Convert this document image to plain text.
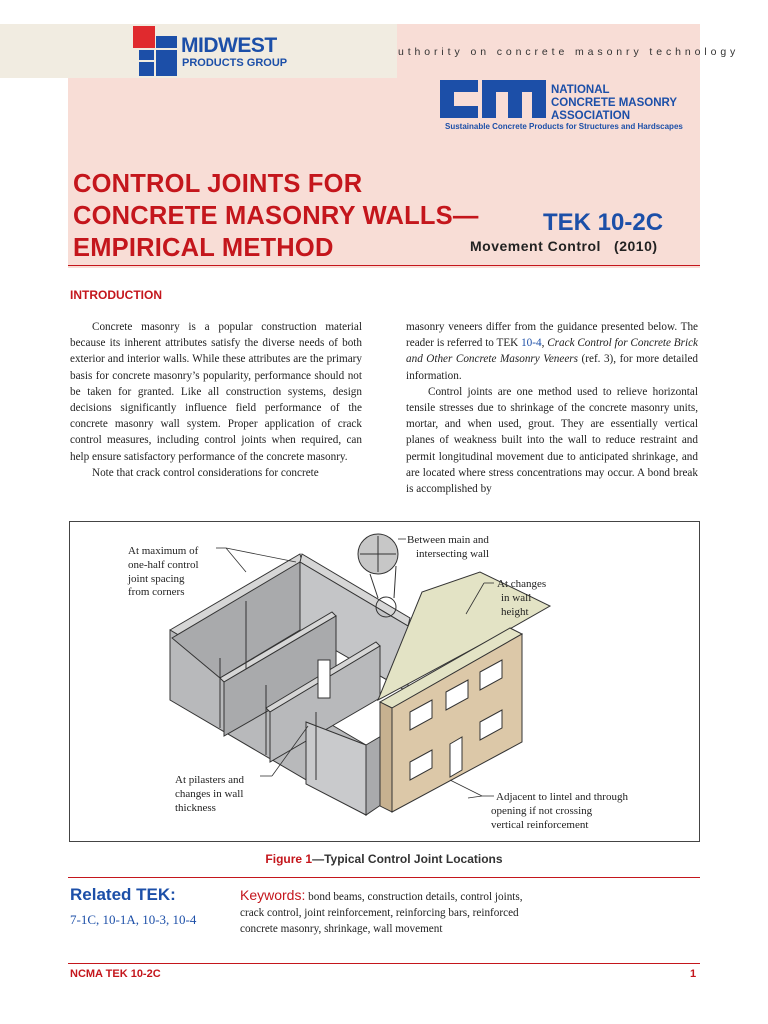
MIDWEST
PRODUCTS GROUP
uthority on concrete masonry technology
NATIONAL
CONCRETE MASONRY
ASSOCIATION
Sustainable Concrete Products for Structures and Hardscapes
CONTROL JOINTS FOR
CONCRETE MASONRY WALLS—
EMPIRICAL METHOD
TEK 10-2C
Movement Control   (2010)
INTRODUCTION

Concrete masonry is a popular construction material because its inherent attributes satisfy the diverse needs of both exterior and interior walls. While these attributes are the primary basis for concrete masonry’s popularity, performance should not be taken for granted. Like all construction systems, design decisions significantly influence field performance of the concrete masonry wall system. Proper application of crack control measures, including control joints when required, can help ensure satisfactory performance of the concrete masonry.

Note that crack control considerations for concrete

masonry veneers differ from the guidance presented below. The reader is referred to TEK 10-4, Crack Control for Concrete Brick and Other Concrete Masonry Veneers (ref. 3), for more detailed information.

Control joints are one method used to relieve horizontal tensile stresses due to shrinkage of the concrete masonry units, mortar, and when used, grout. They are essentially vertical planes of weakness built into the wall to reduce restraint and permit longitudinal movement due to anticipated shrinkage, and are located where stress concentrations may occur. A bond break is accomplished by

At maximum of
one-half control
joint spacing
from corners
Between main and
intersecting wall
At changes
in wall
height
At pilasters and
changes in wall
thickness
Adjacent to lintel and through
opening if not crossing
vertical reinforcement
Figure 1—Typical Control Joint Locations
Related TEK:
7-1C, 10-1A, 10-3, 10-4
Keywords: bond beams, construction details, control joints, crack control, joint reinforcement, reinforcing bars, reinforced concrete masonry, shrinkage, wall movement
NCMA TEK 10-2C	1
